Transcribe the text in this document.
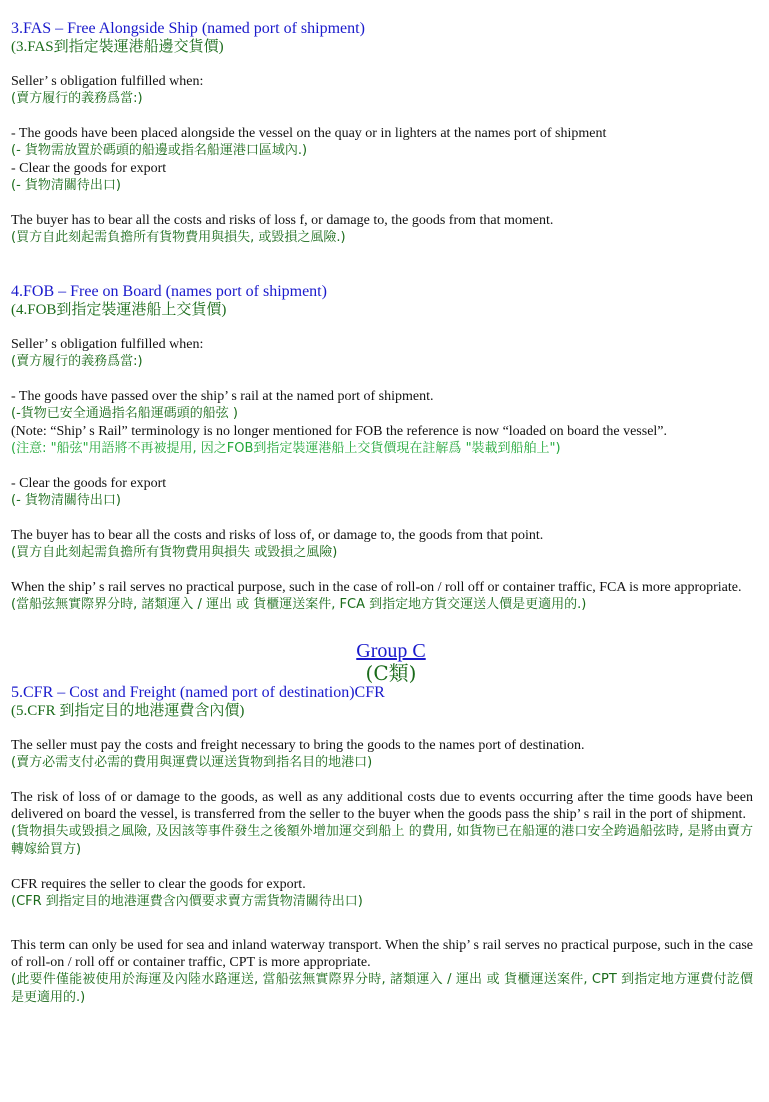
3.FAS – Free Alongside Ship (named port of shipment)
(3.FAS到指定裝運港船邊交貨價)
Seller’ s obligation fulfilled when:
(賣方履行的義務爲當:)
- The goods have been placed alongside the vessel on the quay or in lighters at the names port of shipment
(- 貨物需放置於碼頭的船邊或指名船運港口區域內.)
- Clear the goods for export
(- 貨物清關待出口)
The buyer has to bear all the costs and risks of loss f, or damage to, the goods from that moment.
(買方自此刻起需負擔所有貨物費用與損失, 或毀損之風險.)
4.FOB – Free on Board (names port of shipment)
(4.FOB到指定裝運港船上交貨價)
Seller’ s obligation fulfilled when:
(賣方履行的義務爲當:)
- The goods have passed over the ship’ s rail at the named port of shipment.
(-貨物已安全通過指名船運碼頭的船弦 )
(Note: “Ship’ s Rail” terminology is no longer mentioned for FOB the reference is now “loaded on board the vessel”.
(注意: "船弦"用語將不再被提用, 因之FOB到指定裝運港船上交貨價現在註解爲 "裝載到船舶上")
- Clear the goods for export
(- 貨物清關待出口)
The buyer has to bear all the costs and risks of loss of, or damage to, the goods from that point.
(買方自此刻起需負擔所有貨物費用與損失 或毀損之風險)
When the ship’ s rail serves no practical purpose, such in the case of roll-on / roll off or container traffic, FCA is more appropriate.
(當船弦無實際界分時, 諸類運入 / 運出 或 貨櫃運送案件, FCA 到指定地方貨交運送人價是更適用的.)
Group C
(C類)
5.CFR – Cost and Freight (named port of destination)CFR
(5.CFR 到指定目的地港運費含內價)
The seller must pay the costs and freight necessary to bring the goods to the names port of destination.
(賣方必需支付必需的費用與運費以運送貨物到指名目的地港口)
The risk of loss of or damage to the goods, as well as any additional costs due to events occurring after the time goods have been delivered on board the vessel, is transferred from the seller to the buyer when the goods pass the ship’ s rail in the port of shipment.
(貨物損失或毀損之風險, 及因該等事件發生之後額外增加運交到船上 的費用, 如貨物已在船運的港口安全跨過船弦時, 是將由賣方轉嫁給買方)
CFR requires the seller to clear the goods for export.
(CFR 到指定目的地港運費含內價要求賣方需貨物清關待出口)
This term can only be used for sea and inland waterway transport. When the ship’ s rail serves no practical purpose, such in the case of roll-on / roll off or container traffic, CPT is more appropriate.
(此要件僅能被使用於海運及內陸水路運送, 當船弦無實際界分時, 諸類運入 / 運出 或 貨櫃運送案件, CPT 到指定地方運費付訖價是更適用的.)
